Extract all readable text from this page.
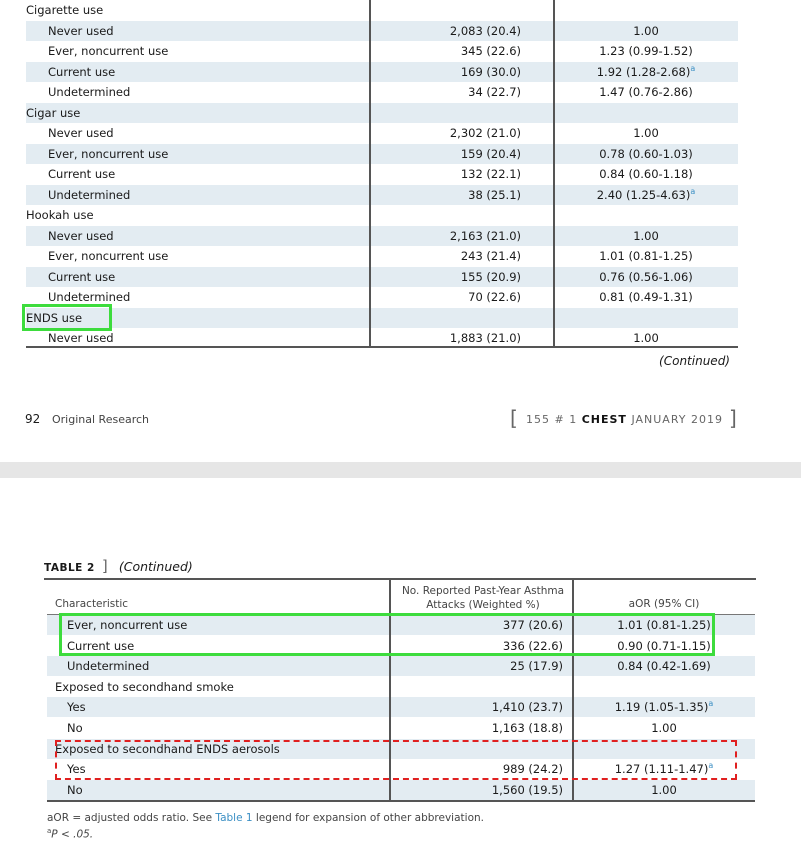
Cigarette use
Never used	2,083 (20.4)	1.00
Ever, noncurrent use	345 (22.6)	1.23 (0.99-1.52)
Current use	169 (30.0)	1.92 $(1.28-2.68)^a$
Undetermined	34 (22.7)	1.47 (0.76-2.86)
Cigar use
Never used	2,302 (21.0)	1.00
Ever, noncurrent use	159 (20.4)	0.78 (0.60-1.03)
Current use	132 (22.1)	0.84 (0.60-1.18)
Undetermined	38 (25.1)	2.40 $(1.25-4.63)^a$
Hookah use
Never used	2,163 (21.0)	1.00
Ever, noncurrent use	243 (21.4)	1.01 (0.81-1.25)
Current use	155 (20.9)	0.76 (0.56-1.06)
Undetermined	70 (22.6)	0.81 (0.49-1.31)
ENDS use
Never used	1,883 (21.0)	1.00
(Continued)
92 Original Research	[ 155 # 1 CHEST JANUARY 2019 ]
TABLE 2 ] (Continued)
Characteristic
No. Reported Past-Year Asthma
Attacks (Weighted %)	aOR (95% CI)
Ever, noncurrent use	377 (20.6)	1.01 (0.81-1.25)
Current use	336 (22.6)	0.90 (0.71-1.15)
Undetermined	25 (17.9)	0.84 (0.42-1.69)
Exposed to secondhand smoke
Yes	1,410 (23.7)	1.19 $(1.05-1.35)^a$
No	1,163 (18.8)	1.00
Exposed to secondhand ENDS aerosols
Yes	989 (24.2)	1.27 $(1.11-1.47)^a$
No	1,560 (19.5)	1.00
aOR = adjusted odds ratio. See Table 1 legend for expansion of other abbreviation.
$^a$P < .05.
